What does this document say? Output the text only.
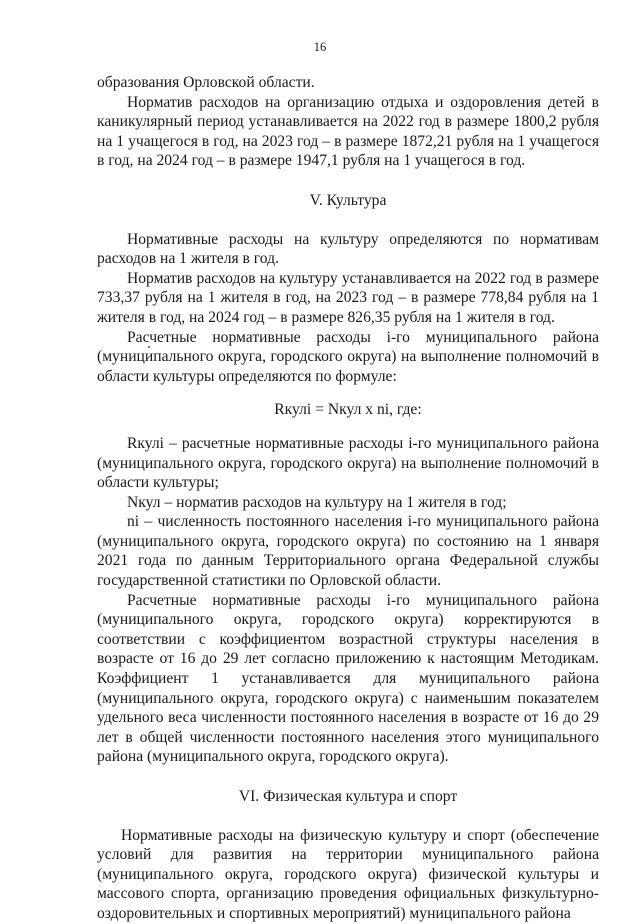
16

образования Орловской области.

Норматив расходов на организацию отдыха и оздоровления детей в каникулярный период устанавливается на 2022 год в размере 1800,2 рубля на 1 учащегося в год, на 2023 год – в размере 1872,21 рубля на 1 учащегося в год, на 2024 год – в размере 1947,1 рубля на 1 учащегося в год.

V. Культура

Нормативные расходы на культуру определяются по нормативам расходов на 1 жителя в год.

Норматив расходов на культуру устанавливается на 2022 год в размере 733,37 рубля на 1 жителя в год, на 2023 год – в размере 778,84 рубля на 1 жителя в год, на 2024 год – в размере 826,35 рубля на 1 жителя в год.

Расчетные нормативные расходы i-го муниципального района (муниципального округа, городского округа) на выполнение полномочий в области культуры определяются по формуле:

Rкулi = Nкул x ni, где:

Rкулi – расчетные нормативные расходы i-го муниципального района (муниципального округа, городского округа) на выполнение полномочий в области культуры;

Nкул – норматив расходов на культуру на 1 жителя в год;

ni – численность постоянного населения i-го муниципального района (муниципального округа, городского округа) по состоянию на 1 января 2021 года по данным Территориального органа Федеральной службы государственной статистики по Орловской области.

Расчетные нормативные расходы i-го муниципального района (муниципального округа, городского округа) корректируются в соответствии с коэффициентом возрастной структуры населения в возрасте от 16 до 29 лет согласно приложению к настоящим Методикам. Коэффициент 1 устанавливается для муниципального района (муниципального округа, городского округа) с наименьшим показателем удельного веса численности постоянного населения в возрасте от 16 до 29 лет в общей численности постоянного населения этого муниципального района (муниципального округа, городского округа).

VI. Физическая культура и спорт

Нормативные расходы на физическую культуру и спорт (обеспечение условий для развития на территории муниципального района (муниципального округа, городского округа) физической культуры и массового спорта, организацию проведения официальных физкультурно-оздоровительных и спортивных мероприятий) муниципального района
